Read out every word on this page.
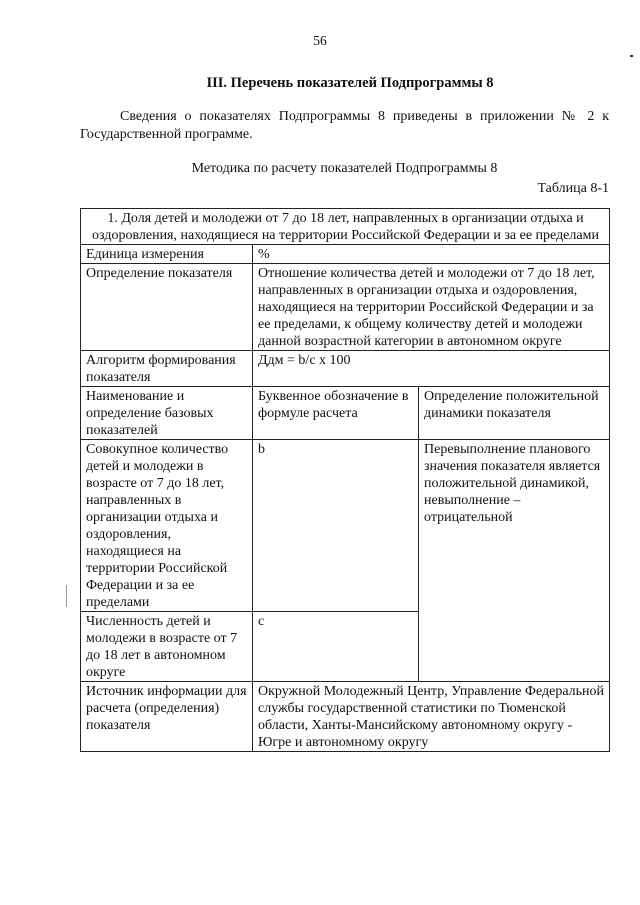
56
III. Перечень показателей Подпрограммы 8
Сведения о показателях Подпрограммы 8 приведены в приложении № 2 к Государственной программе.
Методика по расчету показателей Подпрограммы 8
Таблица 8-1
1. Доля детей и молодежи от 7 до 18 лет, направленных в организации отдыха и оздоровления, находящиеся на территории Российской Федерации и за ее пределами		
Единица измерения	%	
Определение показателя	Отношение количества детей и молодежи от 7 до 18 лет, направленных в организации отдыха и оздоровления, находящиеся на территории Российской Федерации и за ее пределами, к общему количеству детей и молодежи данной возрастной категории в автономном округе	
Алгоритм формирования показателя	Ддм = b/c x 100	
Наименование и определение базовых показателей	Буквенное обозначение в формуле расчета	Определение положительной динамики показателя
Совокупное количество детей и молодежи в возрасте от 7 до 18 лет, направленных в организации отдыха и оздоровления, находящиеся на территории Российской Федерации и за ее пределами	b	Перевыполнение планового значения показателя является положительной динамикой, невыполнение – отрицательной
Численность детей и молодежи в возрасте от 7 до 18 лет в автономном округе	c	
Источник информации для расчета (определения) показателя	Окружной Молодежный Центр, Управление Федеральной службы государственной статистики по Тюменской области, Ханты-Мансийскому автономному округу - Югре и автономному округу	
